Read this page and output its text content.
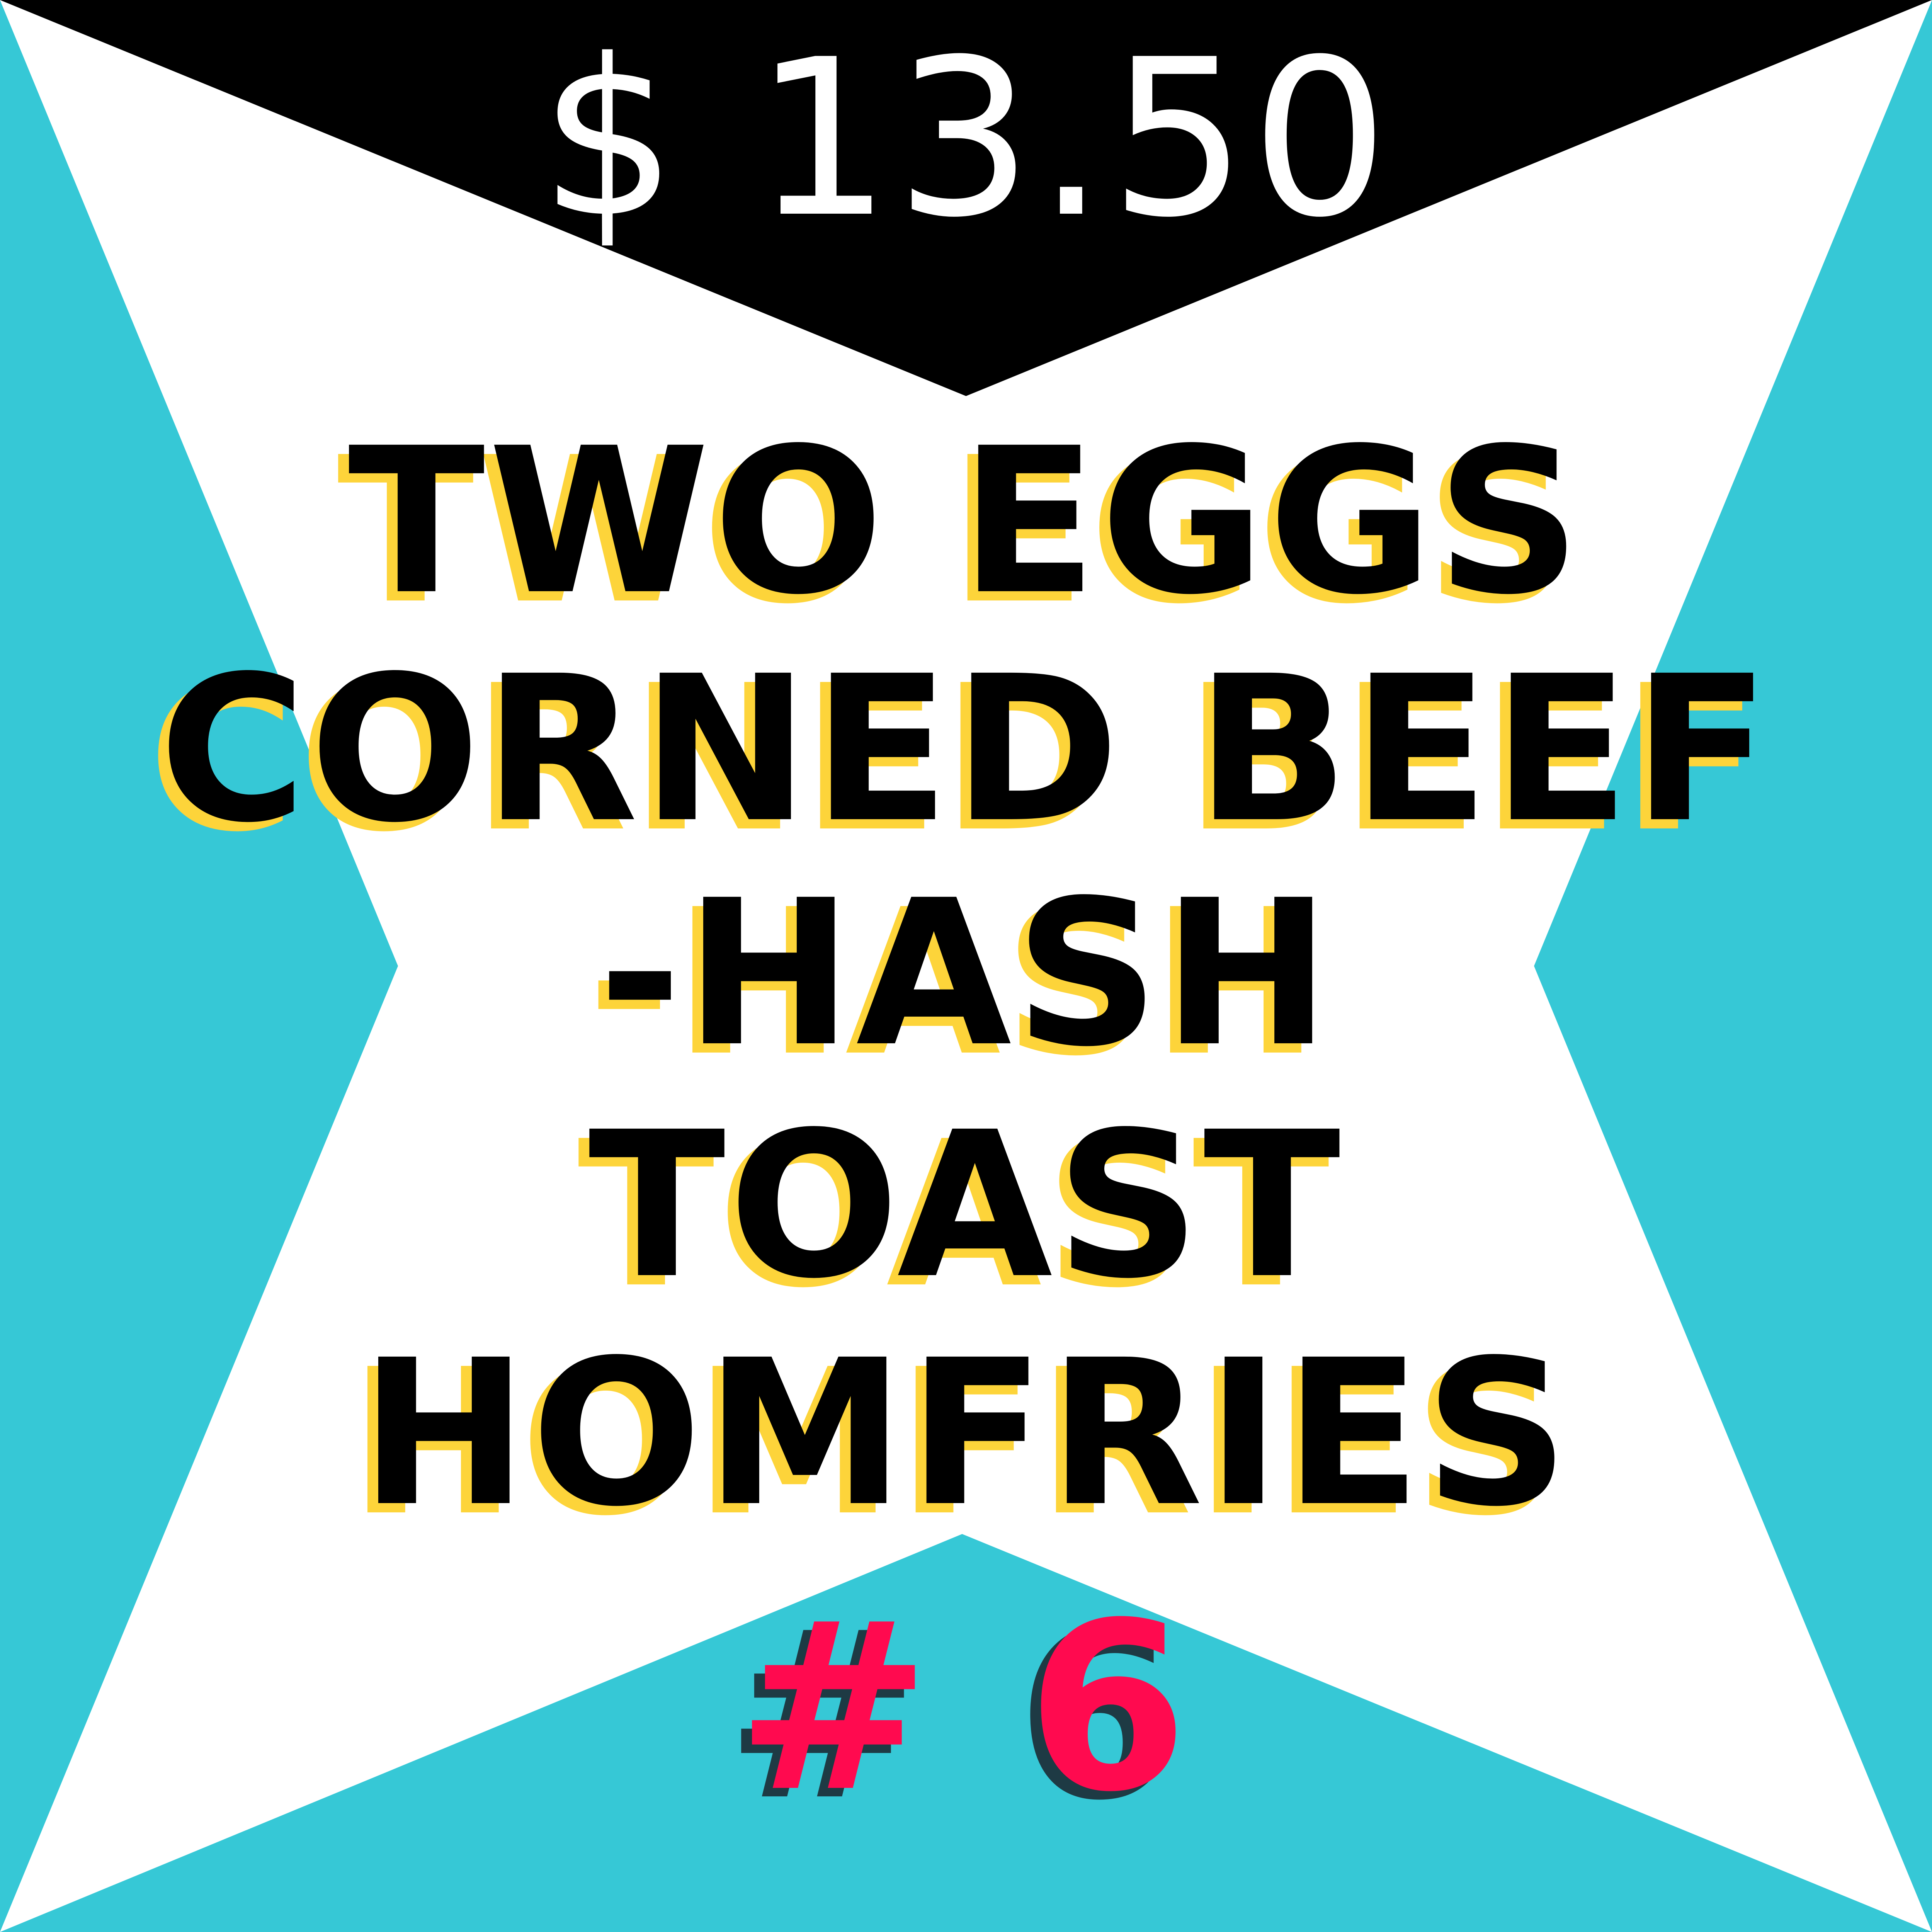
$ 13.50
TWO EGGS
CORNED BEEF
-HASH
TOAST
HOMFRIES
# 6
